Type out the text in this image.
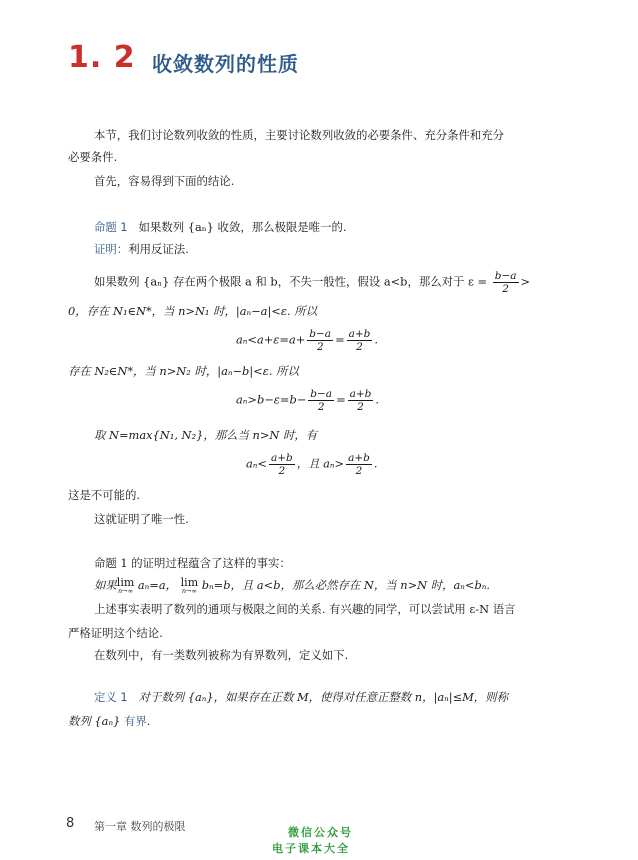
1. 2 收敛数列的性质
本节，我们讨论数列收敛的性质，主要讨论数列收敛的必要条件、充分条件和充分
必要条件.
首先，容易得到下面的结论.
命题 1 如果数列 {aₙ} 收敛，那么极限是唯一的.
证明：利用反证法.
如果数列 {aₙ} 存在两个极限 a 和 b，不失一般性，假设 a<b，那么对于 $\varepsilon = \frac{b-a}{2}$ >
0，存在 N₁∈N*，当 n>N₁ 时，|aₙ−a|<ε. 所以
$a_n<a+\varepsilon=a+ \frac{b-a}{2} = \frac{a+b}{2}$ .
存在 N₂∈N*，当 n>N₂ 时，|aₙ−b|<ε. 所以
$a_n>b-\varepsilon=b- \frac{b-a}{2} = \frac{a+b}{2}$ .
取 N=max{N₁, N₂}，那么当 n>N 时，有
$a_n< \frac{a+b}{2}$ ，且 $a_n> \frac{a+b}{2}$ .
这是不可能的.
这就证明了唯一性.
命题 1 的证明过程蕴含了这样的事实：
如果 lim
n→∞ aₙ=a， lim
n→∞ bₙ=b，且 a<b，那么必然存在 N，当 n>N 时，aₙ<bₙ.
上述事实表明了数列的通项与极限之间的关系. 有兴趣的同学，可以尝试用 ε-N 语言
严格证明这个结论.
在数列中，有一类数列被称为有界数列，定义如下.
定义 1 对于数列 {aₙ}，如果存在正数 M，使得对任意正整数 n，|aₙ|≤M，则称
数列 {aₙ} 有界.
8 第一章 数列的极限	微信公众号
电子课本大全
